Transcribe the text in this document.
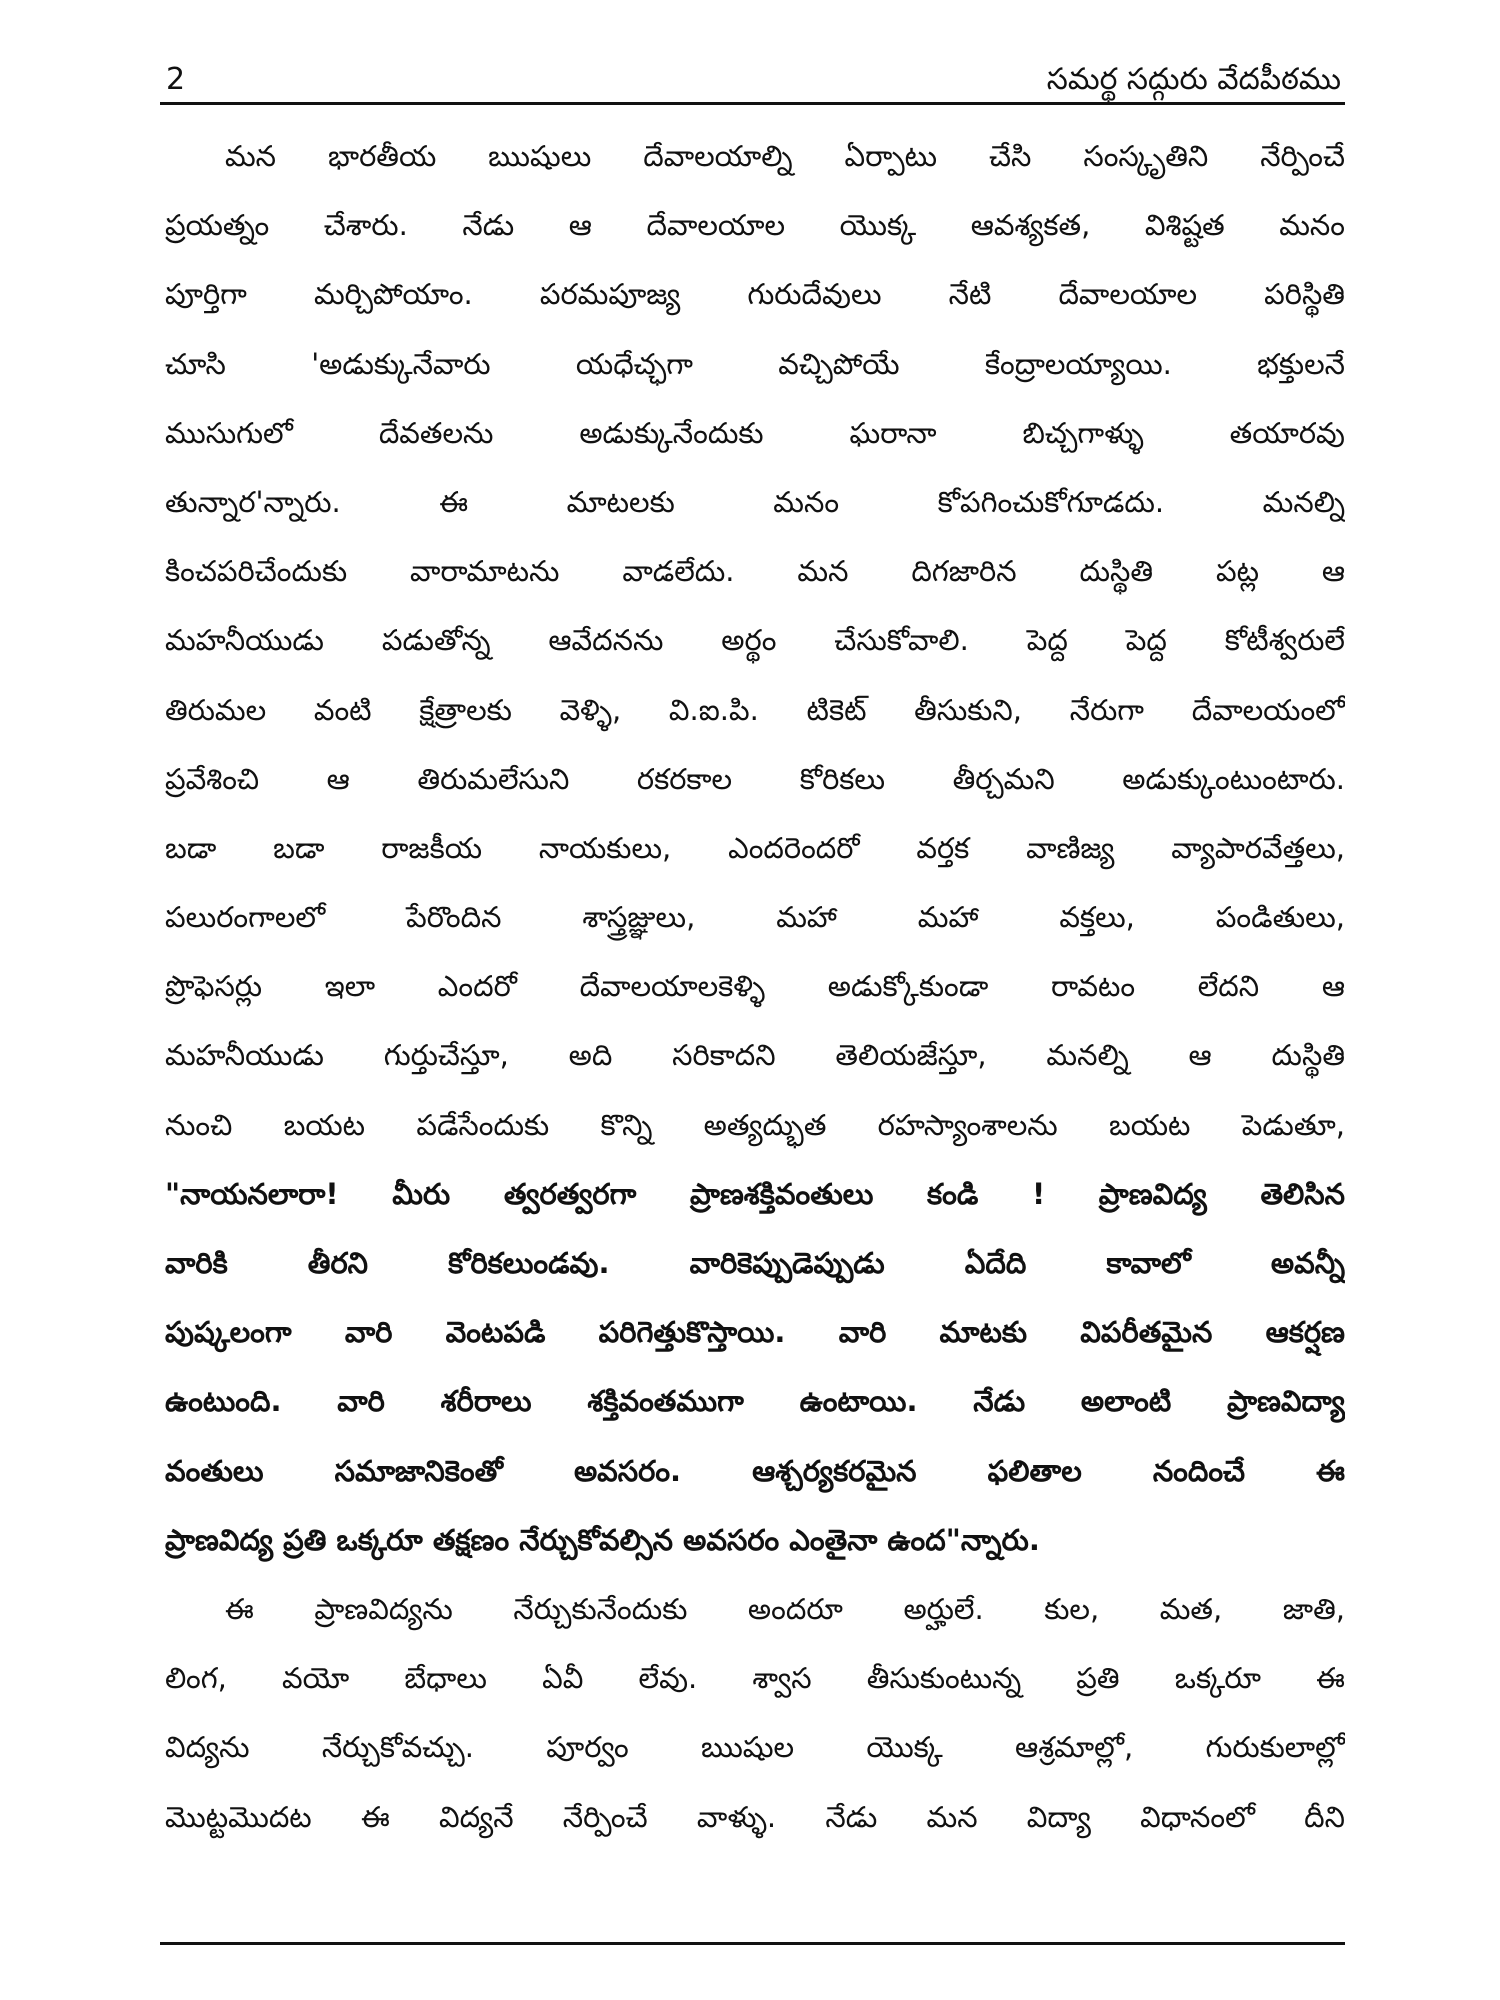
2	సమర్థ సద్గురు వేదపీఠము
మన భారతీయ ఋషులు దేవాలయాల్ని ఏర్పాటు చేసి సంస్కృతిని నేర్పించే
ప్రయత్నం చేశారు. నేడు ఆ దేవాలయాల యొక్క ఆవశ్యకత, విశిష్టత మనం
పూర్తిగా మర్చిపోయాం. పరమపూజ్య గురుదేవులు నేటి దేవాలయాల పరిస్థితి
చూసి 'అడుక్కునేవారు యధేచ్ఛగా వచ్చిపోయే కేంద్రాలయ్యాయి. భక్తులనే
ముసుగులో దేవతలను అడుక్కునేందుకు ఘరానా బిచ్చగాళ్ళు తయారవు
తున్నార'న్నారు. ఈ మాటలకు మనం కోపగించుకోగూడదు. మనల్ని
కించపరిచేందుకు వారామాటను వాడలేదు. మన దిగజారిన దుస్థితి పట్ల ఆ
మహనీయుడు పడుతోన్న ఆవేదనను అర్థం చేసుకోవాలి. పెద్ద పెద్ద కోటీశ్వరులే
తిరుమల వంటి క్షేత్రాలకు వెళ్ళి, వి.ఐ.పి. టికెట్ తీసుకుని, నేరుగా దేవాలయంలో
ప్రవేశించి ఆ తిరుమలేసుని రకరకాల కోరికలు తీర్చమని అడుక్కుంటుంటారు.
బడా బడా రాజకీయ నాయకులు, ఎందరెందరో వర్తక వాణిజ్య వ్యాపారవేత్తలు,
పలురంగాలలో పేరొందిన శాస్త్రజ్ఞులు, మహా మహా వక్తలు, పండితులు,
ప్రొఫెసర్లు ఇలా ఎందరో దేవాలయాలకెళ్ళి అడుక్కోకుండా రావటం లేదని ఆ
మహనీయుడు గుర్తుచేస్తూ, అది సరికాదని తెలియజేస్తూ, మనల్ని ఆ దుస్థితి
నుంచి బయట పడేసేందుకు కొన్ని అత్యద్భుత రహస్యాంశాలను బయట పెడుతూ,
"నాయనలారా! మీరు త్వరత్వరగా ప్రాణశక్తివంతులు కండి ! ప్రాణవిద్య తెలిసిన
వారికి తీరని కోరికలుండవు. వారికెప్పుడెప్పుడు ఏదేది కావాలో అవన్నీ
పుష్కలంగా వారి వెంటపడి పరిగెత్తుకొస్తాయి. వారి మాటకు విపరీతమైన ఆకర్షణ
ఉంటుంది. వారి శరీరాలు శక్తివంతముగా ఉంటాయి. నేడు అలాంటి ప్రాణవిద్యా
వంతులు సమాజానికెంతో అవసరం. ఆశ్చర్యకరమైన ఫలితాల నందించే ఈ
ప్రాణవిద్య ప్రతి ఒక్కరూ తక్షణం నేర్చుకోవల్సిన అవసరం ఎంతైనా ఉంద"న్నారు.
ఈ ప్రాణవిద్యను నేర్చుకునేందుకు అందరూ అర్హులే. కుల, మత, జాతి,
లింగ, వయో బేధాలు ఏవీ లేవు. శ్వాస తీసుకుంటున్న ప్రతి ఒక్కరూ ఈ
విద్యను నేర్చుకోవచ్చు. పూర్వం ఋషుల యొక్క ఆశ్రమాల్లో, గురుకులాల్లో
మొట్టమొదట ఈ విద్యనే నేర్పించే వాళ్ళు. నేడు మన విద్యా విధానంలో దీని
